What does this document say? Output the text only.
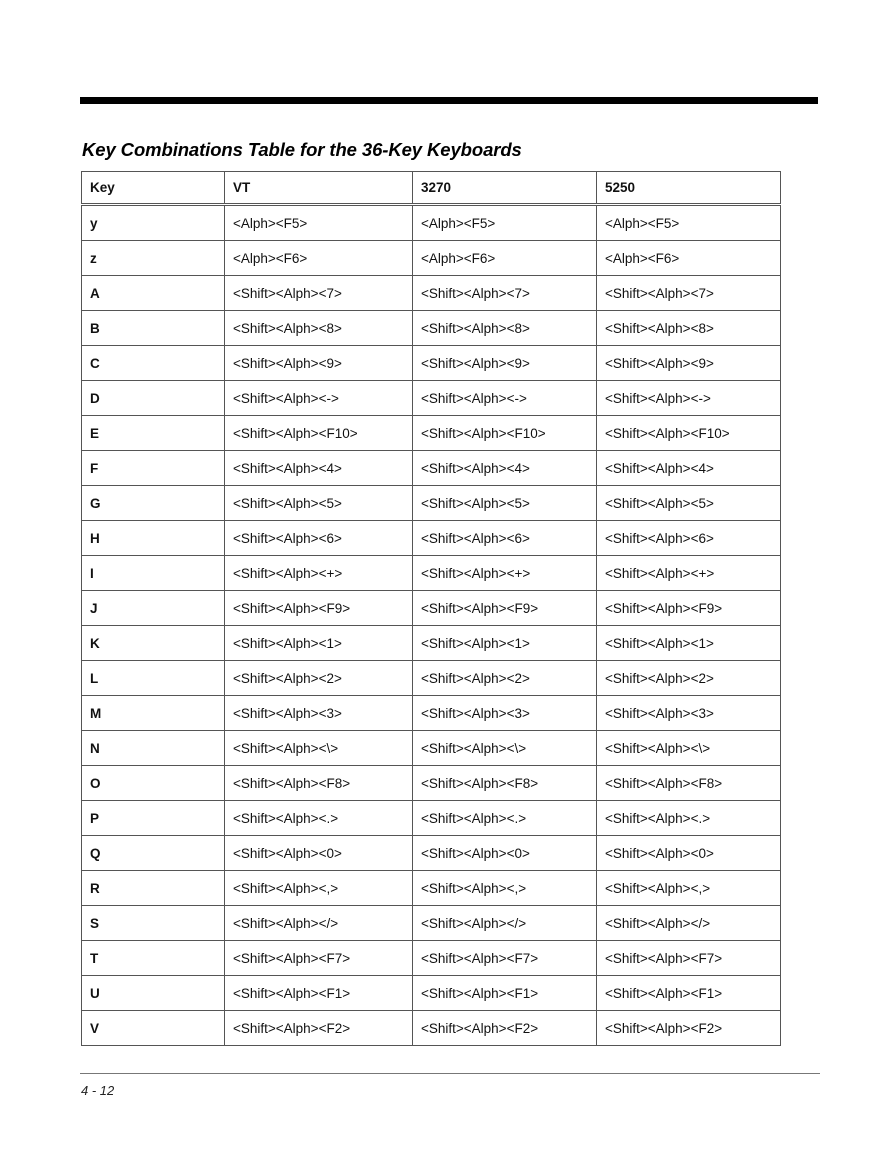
Key Combinations Table for the 36-Key Keyboards
Key	VT	3270	5250
y	<Alph><F5>	<Alph><F5>	<Alph><F5>
z	<Alph><F6>	<Alph><F6>	<Alph><F6>
A	<Shift><Alph><7>	<Shift><Alph><7>	<Shift><Alph><7>
B	<Shift><Alph><8>	<Shift><Alph><8>	<Shift><Alph><8>
C	<Shift><Alph><9>	<Shift><Alph><9>	<Shift><Alph><9>
D	<Shift><Alph><->	<Shift><Alph><->	<Shift><Alph><->
E	<Shift><Alph><F10>	<Shift><Alph><F10>	<Shift><Alph><F10>
F	<Shift><Alph><4>	<Shift><Alph><4>	<Shift><Alph><4>
G	<Shift><Alph><5>	<Shift><Alph><5>	<Shift><Alph><5>
H	<Shift><Alph><6>	<Shift><Alph><6>	<Shift><Alph><6>
I	<Shift><Alph><+>	<Shift><Alph><+>	<Shift><Alph><+>
J	<Shift><Alph><F9>	<Shift><Alph><F9>	<Shift><Alph><F9>
K	<Shift><Alph><1>	<Shift><Alph><1>	<Shift><Alph><1>
L	<Shift><Alph><2>	<Shift><Alph><2>	<Shift><Alph><2>
M	<Shift><Alph><3>	<Shift><Alph><3>	<Shift><Alph><3>
N	<Shift><Alph><\>	<Shift><Alph><\>	<Shift><Alph><\>
O	<Shift><Alph><F8>	<Shift><Alph><F8>	<Shift><Alph><F8>
P	<Shift><Alph><.>	<Shift><Alph><.>	<Shift><Alph><.>
Q	<Shift><Alph><0>	<Shift><Alph><0>	<Shift><Alph><0>
R	<Shift><Alph><,>	<Shift><Alph><,>	<Shift><Alph><,>
S	<Shift><Alph></>	<Shift><Alph></>	<Shift><Alph></>
T	<Shift><Alph><F7>	<Shift><Alph><F7>	<Shift><Alph><F7>
U	<Shift><Alph><F1>	<Shift><Alph><F1>	<Shift><Alph><F1>
V	<Shift><Alph><F2>	<Shift><Alph><F2>	<Shift><Alph><F2>
4 - 12
